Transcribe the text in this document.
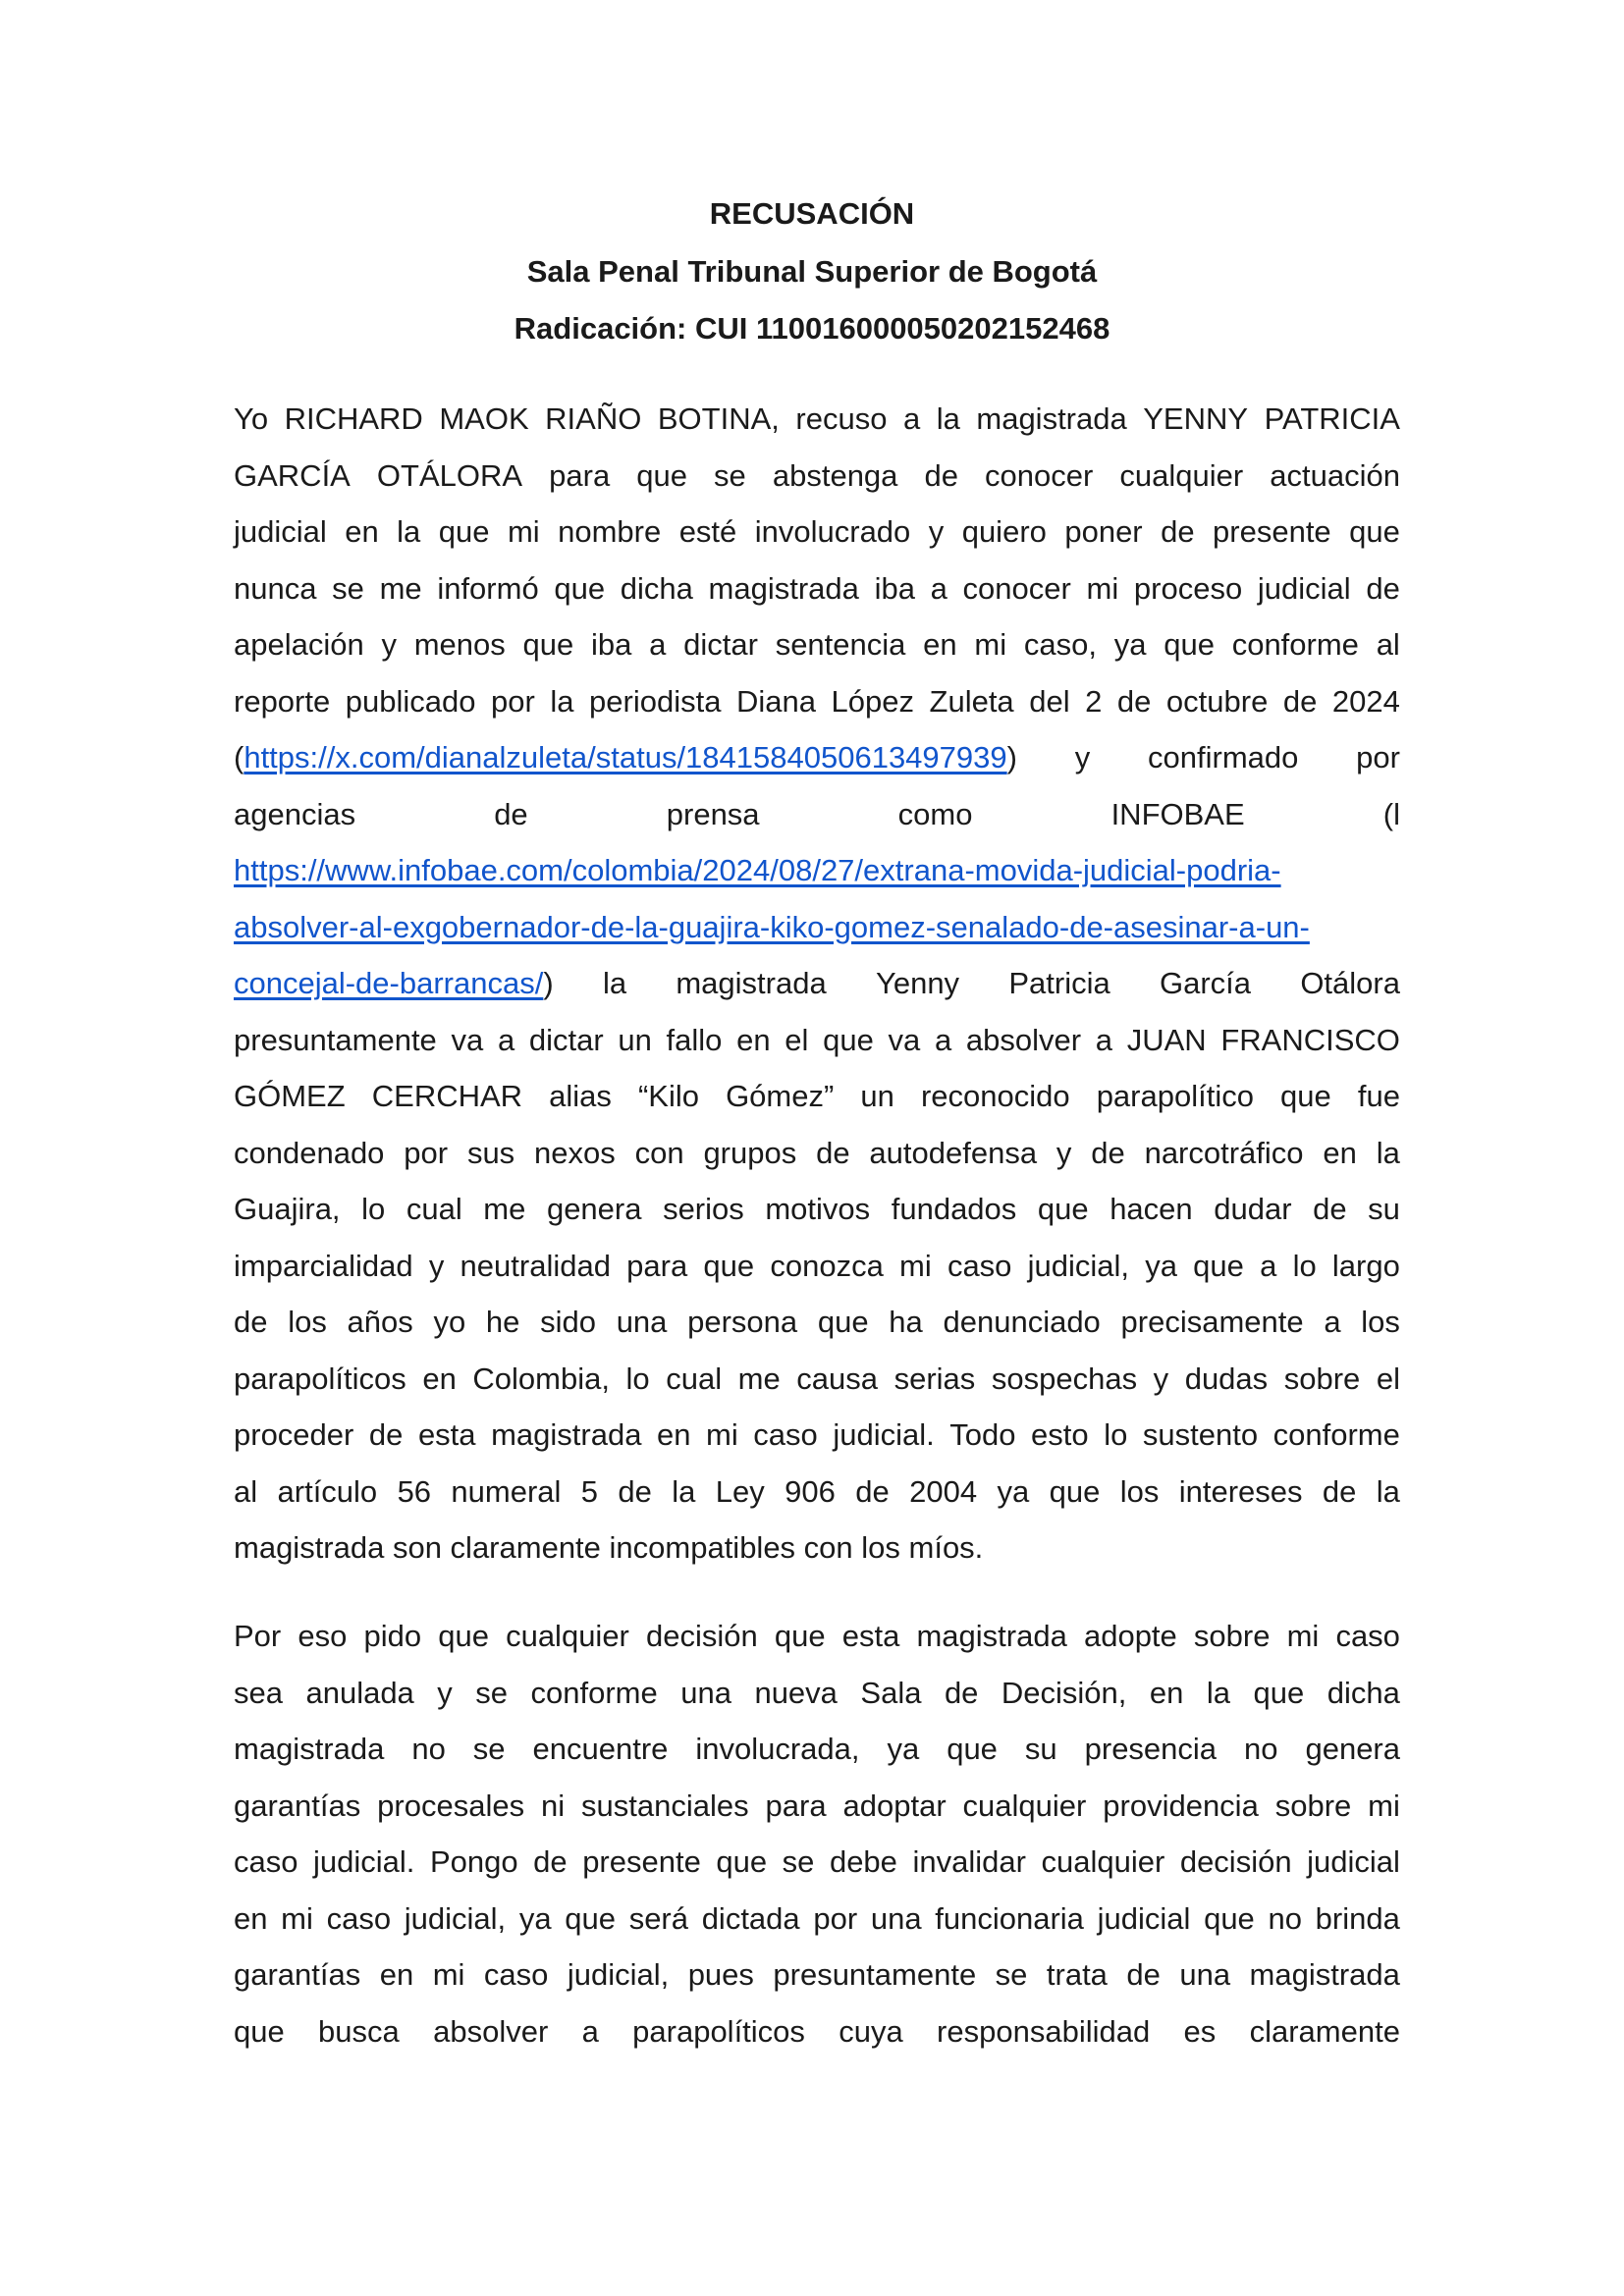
RECUSACIÓN

Sala Penal Tribunal Superior de Bogotá

Radicación: CUI 110016000050202152468

Yo RICHARD MAOK RIAÑO BOTINA, recuso a la magistrada YENNY PATRICIA
GARCÍA OTÁLORA para que se abstenga de conocer cualquier actuación
judicial en la que mi nombre esté involucrado y quiero poner de presente que
nunca se me informó que dicha magistrada iba a conocer mi proceso judicial de
apelación y menos que iba a dictar sentencia en mi caso, ya que conforme al
reporte publicado por la periodista Diana López Zuleta del 2 de octubre de 2024
(https://x.com/dianalzuleta/status/1841584050613497939) y confirmado por
agencias	de	prensa	como	INFOBAE	(l
https://www.infobae.com/colombia/2024/08/27/extrana-movida-judicial-podria-
absolver-al-exgobernador-de-la-guajira-kiko-gomez-senalado-de-asesinar-a-un-
concejal-de-barrancas/) la magistrada Yenny Patricia García Otálora
presuntamente va a dictar un fallo en el que va a absolver a JUAN FRANCISCO
GÓMEZ CERCHAR alias “Kilo Gómez” un reconocido parapolítico que fue
condenado por sus nexos con grupos de autodefensa y de narcotráfico en la
Guajira, lo cual me genera serios motivos fundados que hacen dudar de su
imparcialidad y neutralidad para que conozca mi caso judicial, ya que a lo largo
de los años yo he sido una persona que ha denunciado precisamente a los
parapolíticos en Colombia, lo cual me causa serias sospechas y dudas sobre el
proceder de esta magistrada en mi caso judicial. Todo esto lo sustento conforme
al artículo 56 numeral 5 de la Ley 906 de 2004 ya que los intereses de la
magistrada son claramente incompatibles con los míos.
Por eso pido que cualquier decisión que esta magistrada adopte sobre mi caso
sea anulada y se conforme una nueva Sala de Decisión, en la que dicha
magistrada no se encuentre involucrada, ya que su presencia no genera
garantías procesales ni sustanciales para adoptar cualquier providencia sobre mi
caso judicial. Pongo de presente que se debe invalidar cualquier decisión judicial
en mi caso judicial, ya que será dictada por una funcionaria judicial que no brinda
garantías en mi caso judicial, pues presuntamente se trata de una magistrada
que busca absolver a parapolíticos cuya responsabilidad es claramente
